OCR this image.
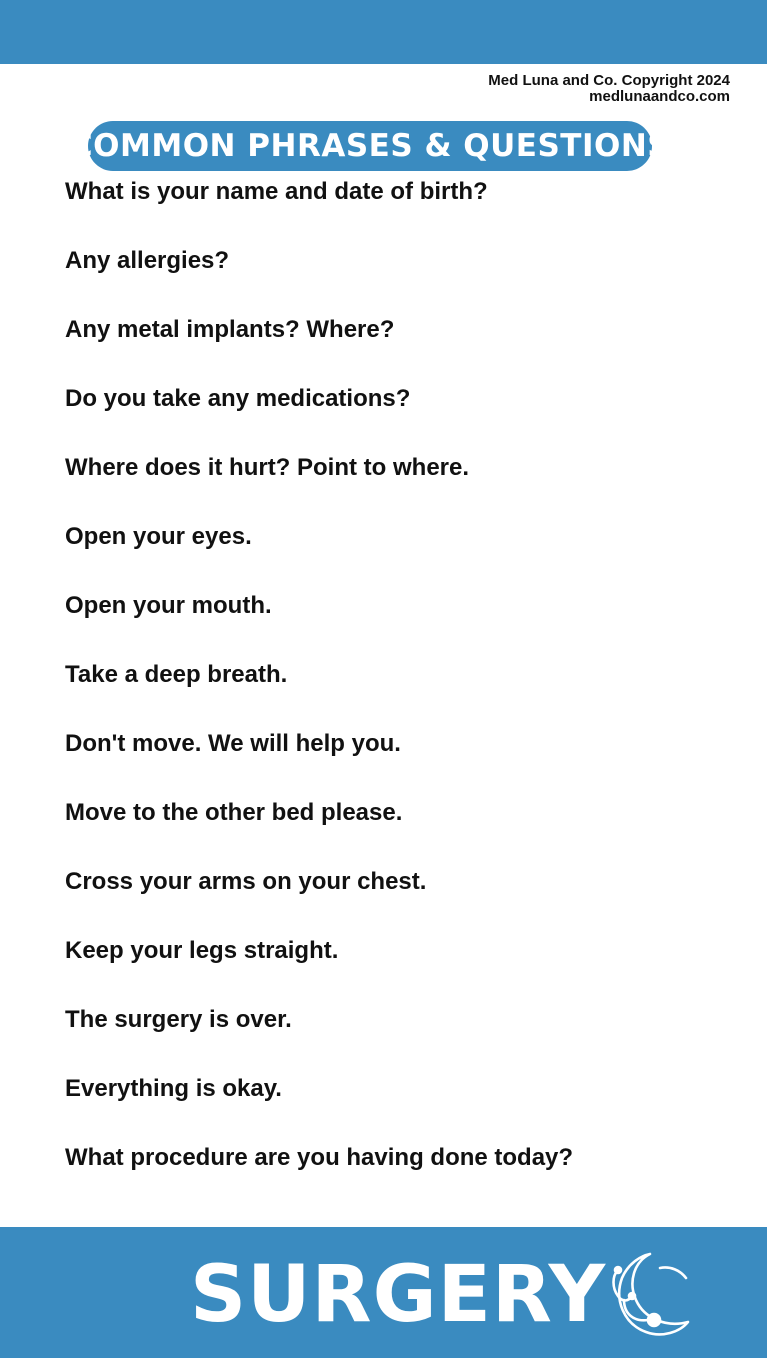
Med Luna and Co. Copyright 2024
medlunaandco.com
COMMON PHRASES & QUESTIONS
What is your name and date of birth?
Any allergies?
Any metal implants? Where?
Do you take any medications?
Where does it hurt? Point to where.
Open your eyes.
Open your mouth.
Take a deep breath.
Don't move. We will help you.
Move to the other bed please.
Cross your arms on your chest.
Keep your legs straight.
The surgery is over.
Everything is okay.
What procedure are you having done today?
SURGERY
